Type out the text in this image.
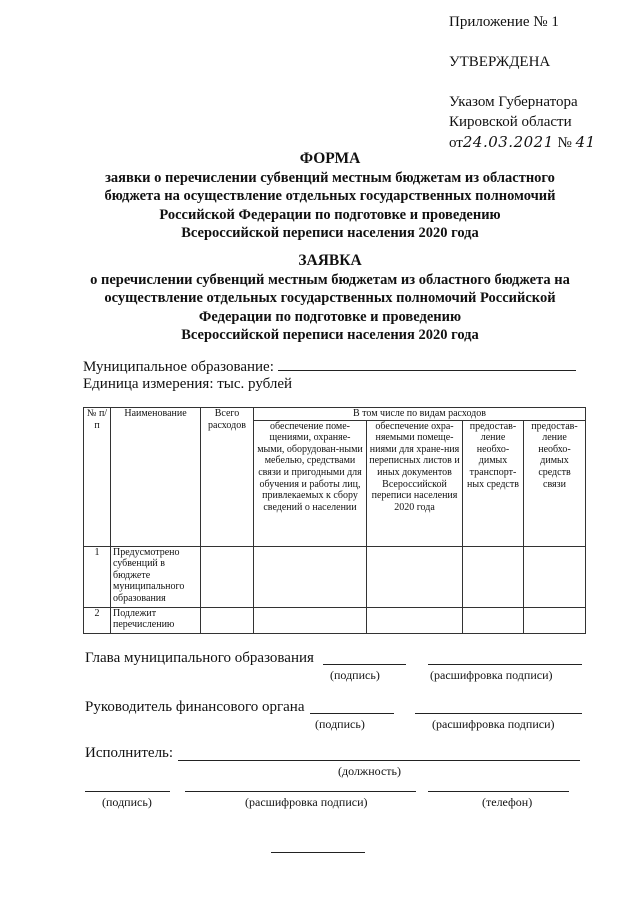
Приложение № 1
УТВЕРЖДЕНА
Указом Губернатора
Кировской области
от24.03.2021 № 41
ФОРМА
заявки о перечислении субвенций местным бюджетам из областного
бюджета на осуществление отдельных государственных полномочий
Российской Федерации по подготовке и проведению
Всероссийской переписи населения 2020 года
ЗАЯВКА
о перечислении субвенций местным бюджетам из областного бюджета на
осуществление отдельных государственных полномочий Российской
Федерации по подготовке и проведению
Всероссийской переписи населения 2020 года
Муниципальное образование:
Единица измерения: тыс. рублей
№ п/п	Наименование	Всего расходов	В том числе по видам расходов			
			обеспечение поме-щениями, охраняе-мыми, оборудован-ными мебелью, средствами связи и пригодными для обучения и работы лиц, привлекаемых к сбору сведений о населении	обеспечение охра-няемыми помеще-ниями для хране-ния переписных листов и иных документов Всероссийской переписи населения 2020 года	предостав-ление необхо-димых транспорт-ных средств	предостав-ление необхо-димых средств связи
1	Предусмотрено субвенций в бюджете муниципального образования					
2	Подлежит перечислению					
Глава муниципального образования
(подпись)	(расшифровка подписи)
Руководитель финансового органа
(подпись)	(расшифровка подписи)
Исполнитель:
(должность)
(подпись)	(расшифровка подписи)	(телефон)
